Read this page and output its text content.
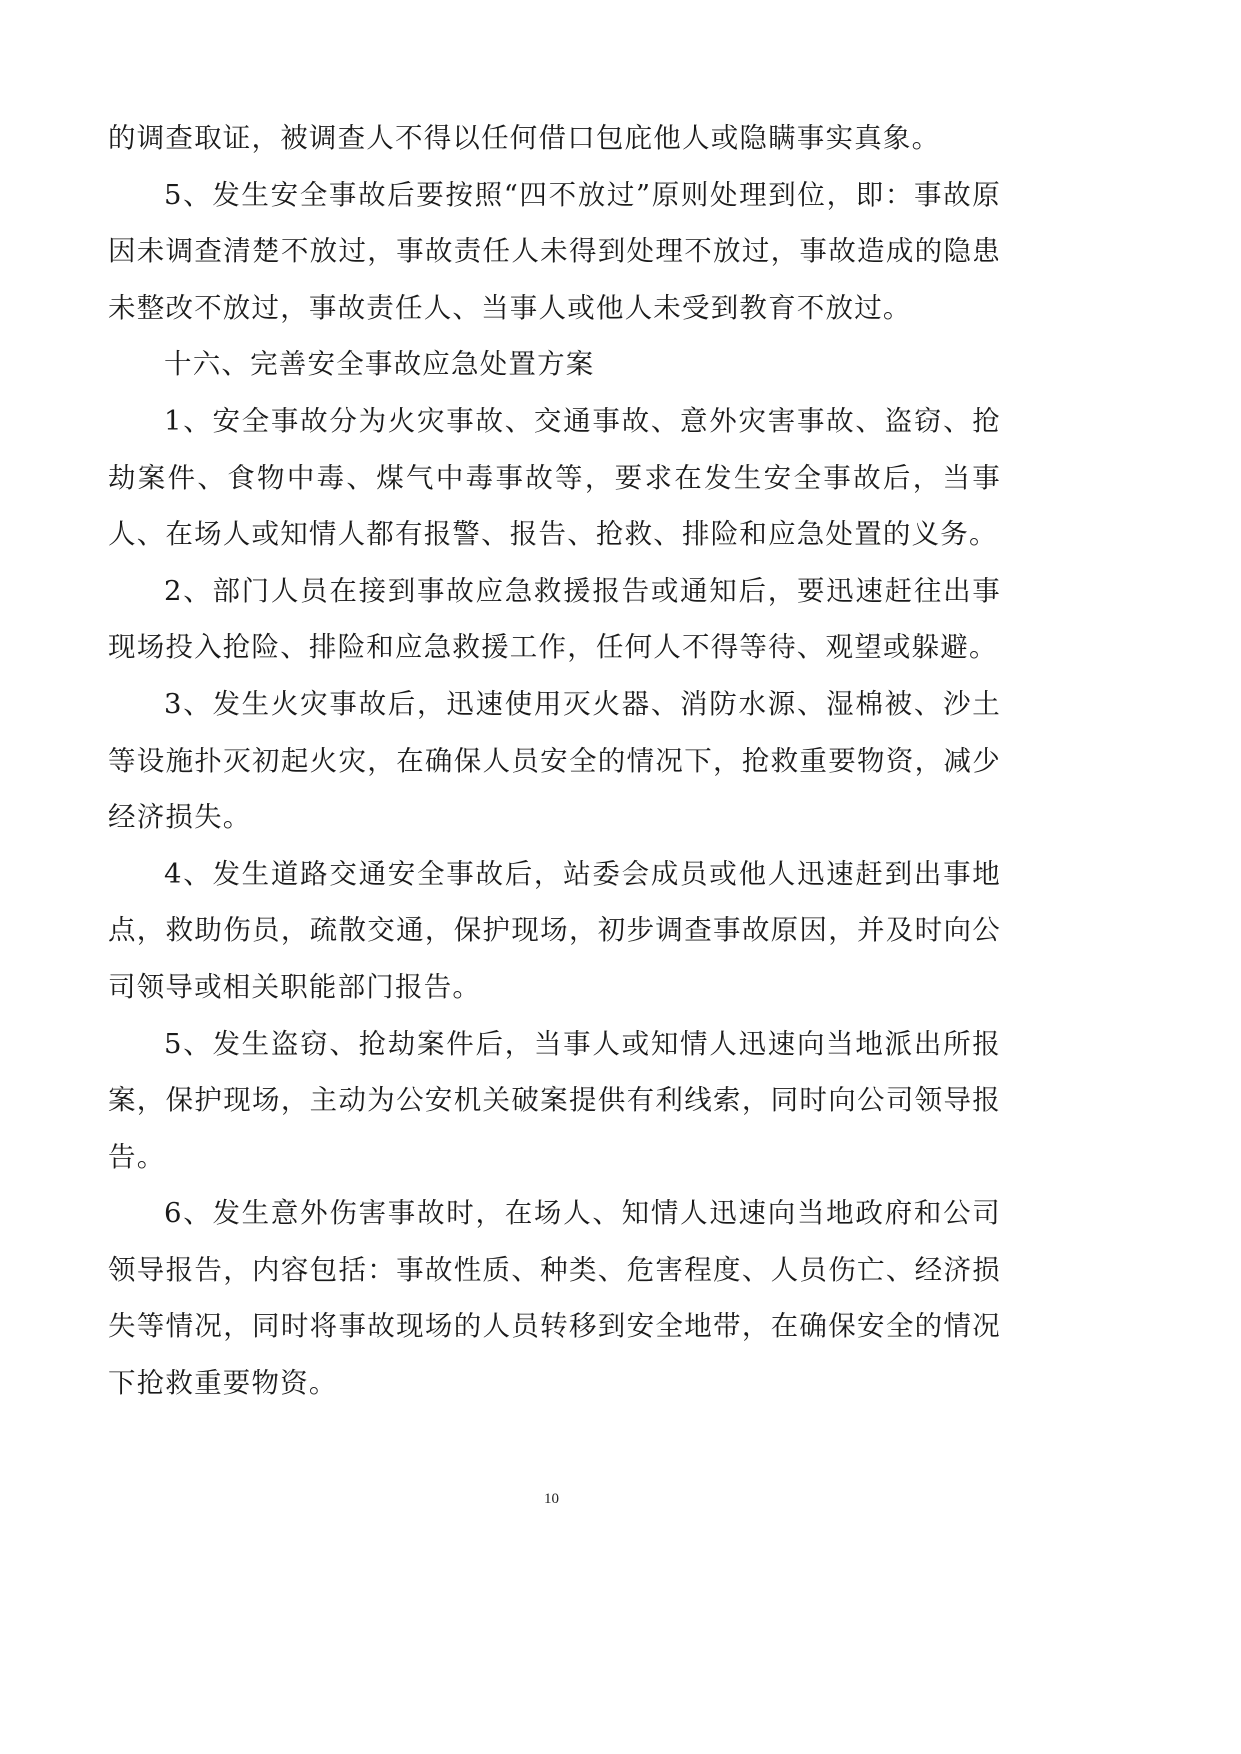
的调查取证，被调查人不得以任何借口包庇他人或隐瞒事实真象。

5、发生安全事故后要按照“四不放过”原则处理到位，即：事故原因未调查清楚不放过，事故责任人未得到处理不放过，事故造成的隐患未整改不放过，事故责任人、当事人或他人未受到教育不放过。

十六、完善安全事故应急处置方案

1、安全事故分为火灾事故、交通事故、意外灾害事故、盗窃、抢劫案件、食物中毒、煤气中毒事故等，要求在发生安全事故后，当事人、在场人或知情人都有报警、报告、抢救、排险和应急处置的义务。

2、部门人员在接到事故应急救援报告或通知后，要迅速赶往出事现场投入抢险、排险和应急救援工作，任何人不得等待、观望或躲避。

3、发生火灾事故后，迅速使用灭火器、消防水源、湿棉被、沙土等设施扑灭初起火灾，在确保人员安全的情况下，抢救重要物资，减少经济损失。

4、发生道路交通安全事故后，站委会成员或他人迅速赶到出事地点，救助伤员，疏散交通，保护现场，初步调查事故原因，并及时向公司领导或相关职能部门报告。

5、发生盗窃、抢劫案件后，当事人或知情人迅速向当地派出所报案，保护现场，主动为公安机关破案提供有利线索，同时向公司领导报告。

6、发生意外伤害事故时，在场人、知情人迅速向当地政府和公司领导报告，内容包括：事故性质、种类、危害程度、人员伤亡、经济损失等情况，同时将事故现场的人员转移到安全地带，在确保安全的情况下抢救重要物资。

10
